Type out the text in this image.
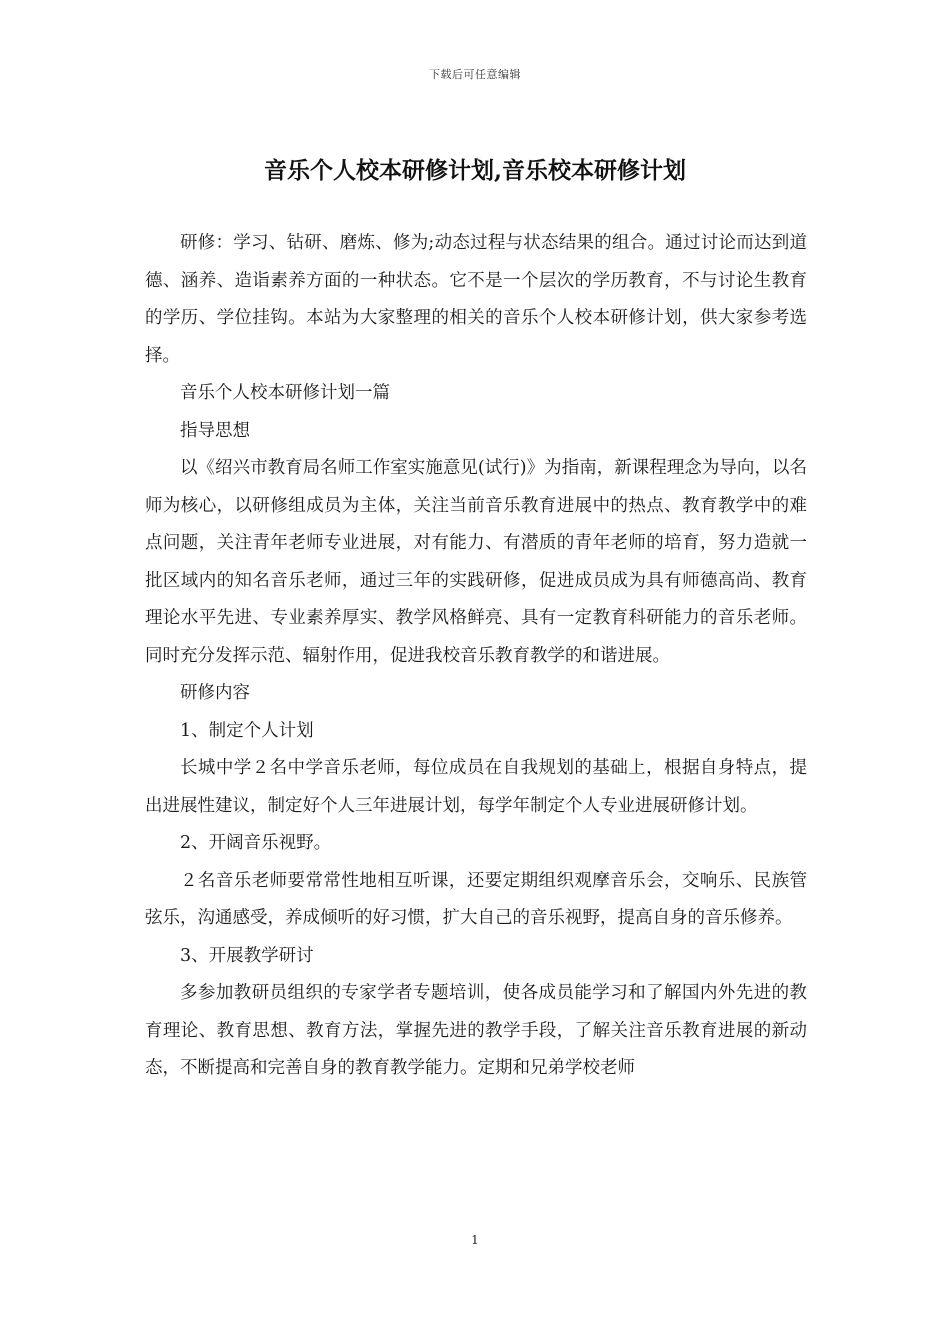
下载后可任意编辑
音乐个人校本研修计划,音乐校本研修计划

研修：学习、钻研、磨炼、修为;动态过程与状态结果的组合。通过讨论而达到道德、涵养、造诣素养方面的一种状态。它不是一个层次的学历教育，不与讨论生教育的学历、学位挂钩。本站为大家整理的相关的音乐个人校本研修计划，供大家参考选择。

音乐个人校本研修计划一篇

指导思想

以《绍兴市教育局名师工作室实施意见(试行)》为指南，新课程理念为导向，以名师为核心，以研修组成员为主体，关注当前音乐教育进展中的热点、教育教学中的难点问题，关注青年老师专业进展，对有能力、有潜质的青年老师的培育，努力造就一批区域内的知名音乐老师，通过三年的实践研修，促进成员成为具有师德高尚、教育理论水平先进、专业素养厚实、教学风格鲜亮、具有一定教育科研能力的音乐老师。同时充分发挥示范、辐射作用，促进我校音乐教育教学的和谐进展。

研修内容

1、制定个人计划

长城中学２名中学音乐老师，每位成员在自我规划的基础上，根据自身特点，提出进展性建议，制定好个人三年进展计划，每学年制定个人专业进展研修计划。

2、开阔音乐视野。

２名音乐老师要常常性地相互听课，还要定期组织观摩音乐会，交响乐、民族管弦乐，沟通感受，养成倾听的好习惯，扩大自己的音乐视野，提高自身的音乐修养。

3、开展教学研讨

多参加教研员组织的专家学者专题培训，使各成员能学习和了解国内外先进的教育理论、教育思想、教育方法，掌握先进的教学手段，了解关注音乐教育进展的新动态，不断提高和完善自身的教育教学能力。定期和兄弟学校老师

1
